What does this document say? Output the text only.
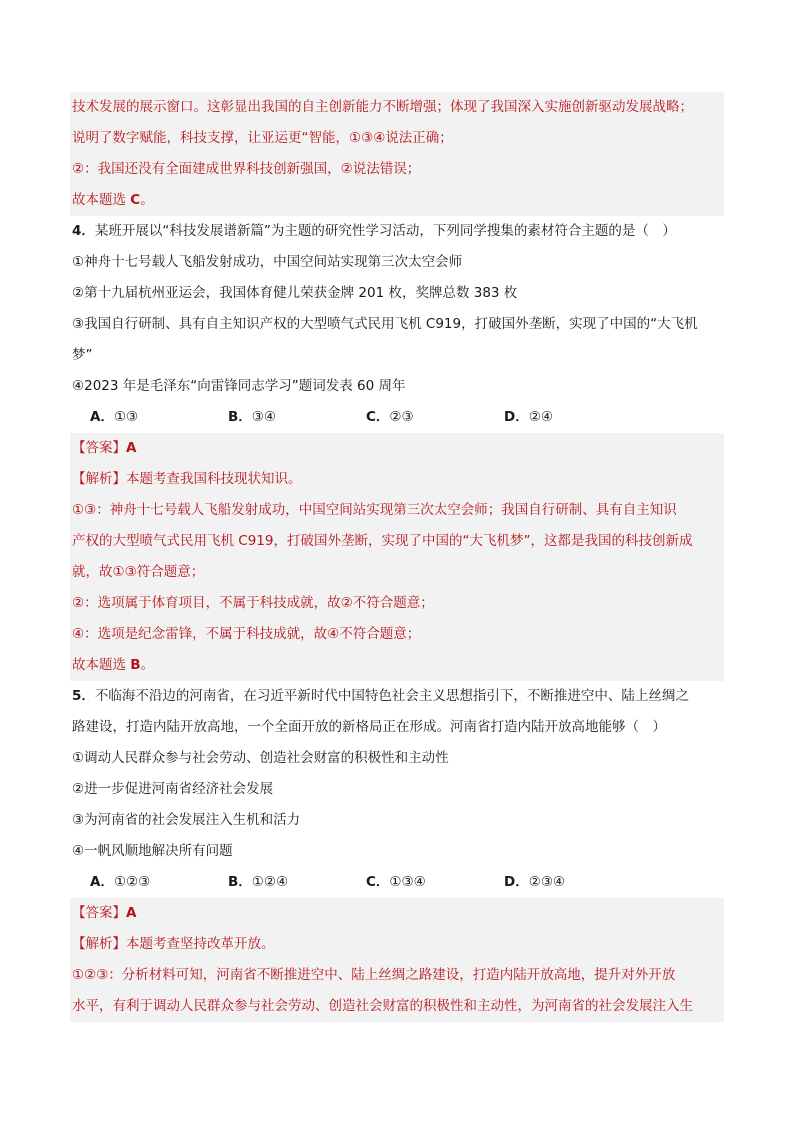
技术发展的展示窗口。这彰显出我国的自主创新能力不断增强；体现了我国深入实施创新驱动发展战略；
说明了数字赋能，科技支撑，让亚运更“智能，①③④说法正确；
②：我国还没有全面建成世界科技创新强国，②说法错误；
故本题选 C。
4．某班开展以“科技发展谱新篇”为主题的研究性学习活动，下列同学搜集的素材符合主题的是（　）
①神舟十七号载人飞船发射成功，中国空间站实现第三次太空会师
②第十九届杭州亚运会，我国体育健儿荣获金牌 201 枚，奖牌总数 383 枚
③我国自行研制、具有自主知识产权的大型喷气式民用飞机 C919，打破国外垄断，实现了中国的“大飞机
梦”
④2023 年是毛泽东“向雷锋同志学习”题词发表 60 周年
A．①③	B．③④	C．②③	D．②④
【答案】A
【解析】本题考查我国科技现状知识。
①③：神舟十七号载人飞船发射成功，中国空间站实现第三次太空会师；我国自行研制、具有自主知识
产权的大型喷气式民用飞机 C919，打破国外垄断，实现了中国的“大飞机梦”，这都是我国的科技创新成
就，故①③符合题意；
②：选项属于体育项目，不属于科技成就，故②不符合题意；
④：选项是纪念雷锋，不属于科技成就，故④不符合题意；
故本题选 B。
5．不临海不沿边的河南省，在习近平新时代中国特色社会主义思想指引下，不断推进空中、陆上丝绸之
路建设，打造内陆开放高地，一个全面开放的新格局正在形成。河南省打造内陆开放高地能够（　）
①调动人民群众参与社会劳动、创造社会财富的积极性和主动性
②进一步促进河南省经济社会发展
③为河南省的社会发展注入生机和活力
④一帆风顺地解决所有问题
A．①②③	B．①②④	C．①③④	D．②③④
【答案】A
【解析】本题考查坚持改革开放。
①②③：分析材料可知，河南省不断推进空中、陆上丝绸之路建设，打造内陆开放高地，提升对外开放
水平，有利于调动人民群众参与社会劳动、创造社会财富的积极性和主动性，为河南省的社会发展注入生
